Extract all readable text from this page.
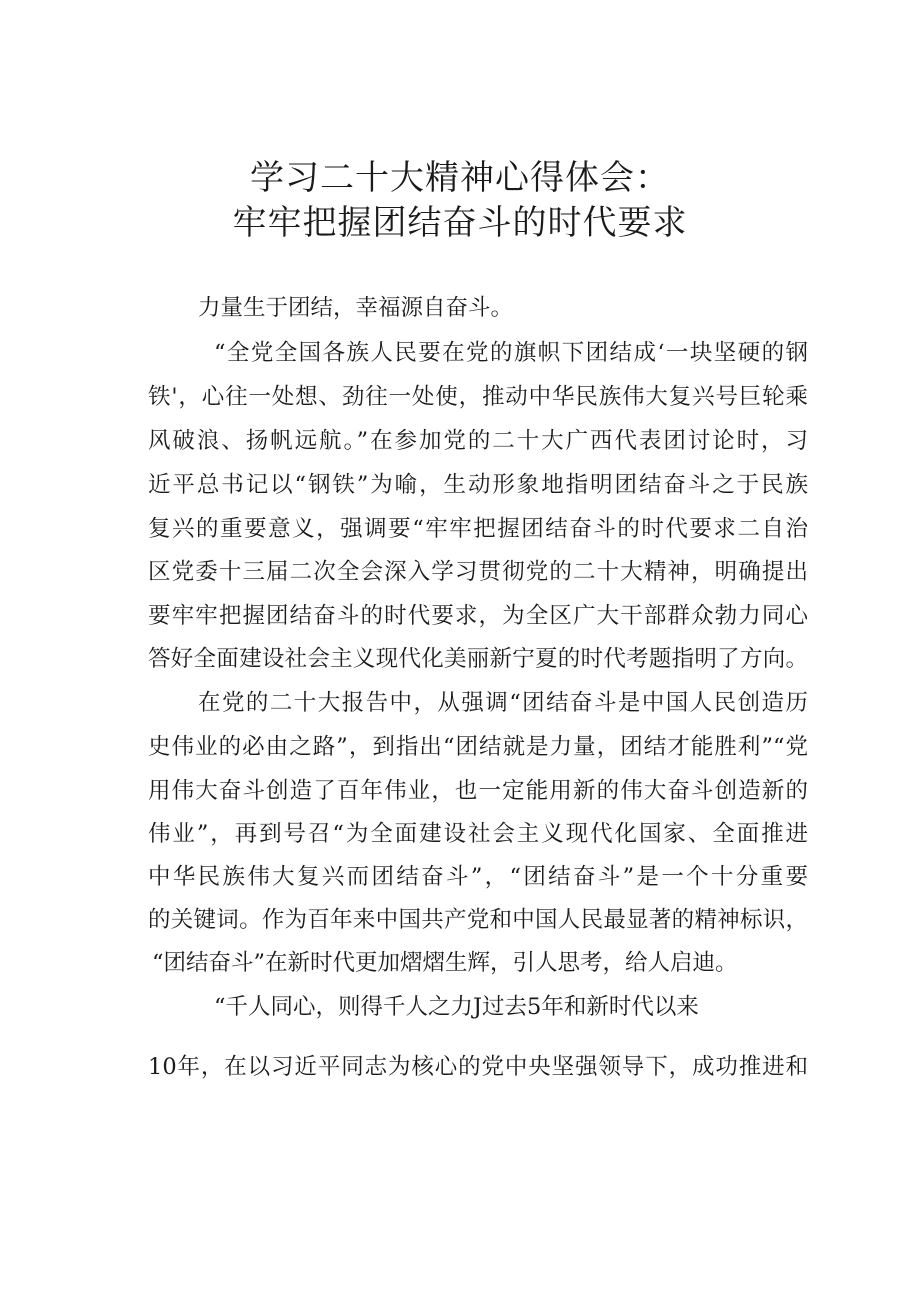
学习二十大精神心得体会：
牢牢把握团结奋斗的时代要求
力量生于团结，幸福源自奋斗。
“全党全国各族人民要在党的旗帜下团结成‘一块坚硬的钢
铁'，心往一处想、劲往一处使，推动中华民族伟大复兴号巨轮乘
风破浪、扬帆远航。”在参加党的二十大广西代表团讨论时，习
近平总书记以“钢铁”为喻，生动形象地指明团结奋斗之于民族
复兴的重要意义，强调要“牢牢把握团结奋斗的时代要求二自治
区党委十三届二次全会深入学习贯彻党的二十大精神，明确提出
要牢牢把握团结奋斗的时代要求，为全区广大干部群众勃力同心
答好全面建设社会主义现代化美丽新宁夏的时代考题指明了方向。
在党的二十大报告中，从强调“团结奋斗是中国人民创造历
史伟业的必由之路”，到指出“团结就是力量，团结才能胜利”“党
用伟大奋斗创造了百年伟业，也一定能用新的伟大奋斗创造新的
伟业”，再到号召“为全面建设社会主义现代化国家、全面推进
中华民族伟大复兴而团结奋斗”，“团结奋斗”是一个十分重要
的关键词。作为百年来中国共产党和中国人民最显著的精神标识，
“团结奋斗”在新时代更加熠熠生辉，引人思考，给人启迪。
“千人同心，则得千人之力J过去5年和新时代以来
10年，在以习近平同志为核心的党中央坚强领导下，成功推进和
